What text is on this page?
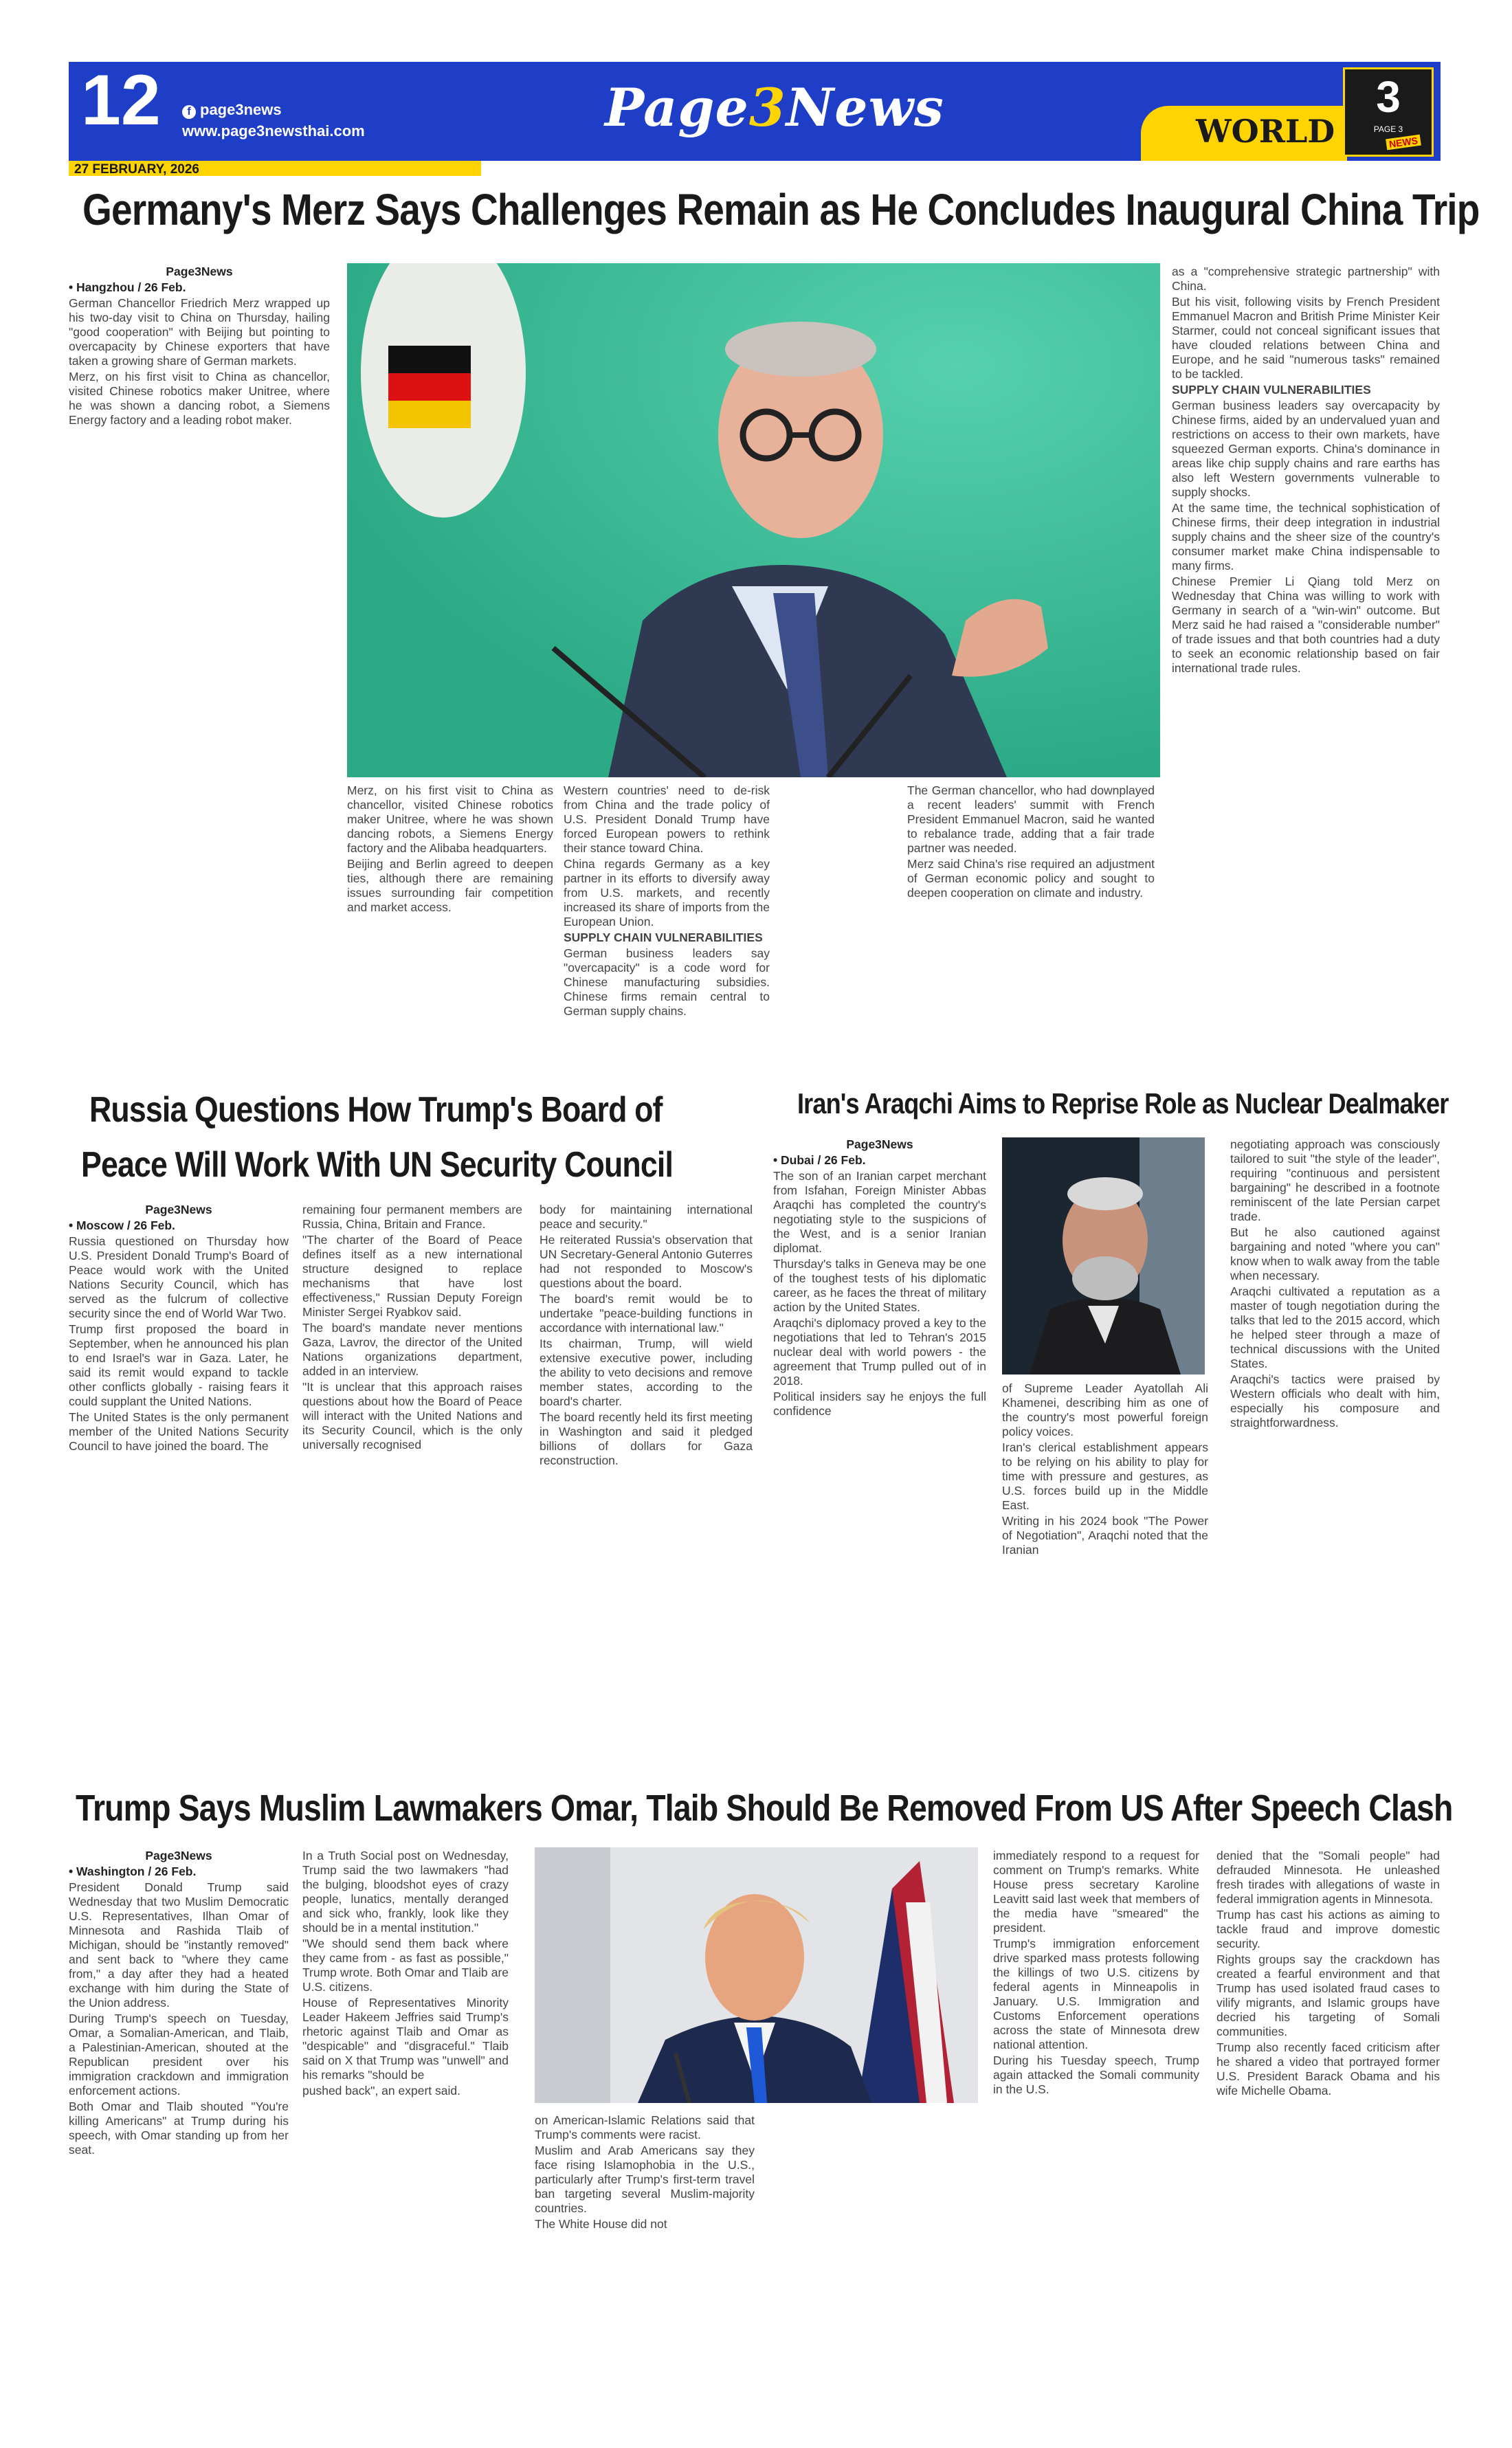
12	f page3news
www.page3newsthai.com	Page3News	WORLD
3
PAGE 3
NEWS
27 FEBRUARY, 2026
Germany's Merz Says Challenges Remain as He Concludes Inaugural China Trip

Page3News

• Hangzhou / 26 Feb.

German Chancellor Friedrich Merz wrapped up his two-day visit to China on Thursday, hailing "good cooperation" with Beijing but pointing to overcapacity by Chinese exporters that have taken a growing share of German markets.

Merz, on his first visit to China as chancellor, visited Chinese robotics maker Unitree, where he was shown a dancing robot, a Siemens Energy factory and a leading robot maker.

Merz, on his first visit to China as chancellor, visited Chinese robotics maker Unitree, where he was shown dancing robots, a Siemens Energy factory and the Alibaba headquarters.

Beijing and Berlin agreed to deepen ties, although there are remaining issues surrounding fair competition and market access.

Western countries' need to de-risk from China and the trade policy of U.S. President Donald Trump have forced European powers to rethink their stance toward China.

China regards Germany as a key partner in its efforts to diversify away from U.S. markets, and recently increased its share of imports from the European Union.

SUPPLY CHAIN VULNERABILITIES

German business leaders say "overcapacity" is a code word for Chinese manufacturing subsidies. Chinese firms remain central to German supply chains.

The German chancellor, who had downplayed a recent leaders' summit with French President Emmanuel Macron, said he wanted to rebalance trade, adding that a fair trade partner was needed.

Merz said China's rise required an adjustment of German economic policy and sought to deepen cooperation on climate and industry.

as a "comprehensive strategic partnership" with China.

But his visit, following visits by French President Emmanuel Macron and British Prime Minister Keir Starmer, could not conceal significant issues that have clouded relations between China and Europe, and he said "numerous tasks" remained to be tackled.

SUPPLY CHAIN VULNERABILITIES

German business leaders say overcapacity by Chinese firms, aided by an undervalued yuan and restrictions on access to their own markets, have squeezed German exports. China's dominance in areas like chip supply chains and rare earths has also left Western governments vulnerable to supply shocks.

At the same time, the technical sophistication of Chinese firms, their deep integration in industrial supply chains and the sheer size of the country's consumer market make China indispensable to many firms.

Chinese Premier Li Qiang told Merz on Wednesday that China was willing to work with Germany in search of a "win-win" outcome. But Merz said he had raised a "considerable number" of trade issues and that both countries had a duty to seek an economic relationship based on fair international trade rules.

Russia Questions How Trump's Board of
Peace Will Work With UN Security Council

Page3News

• Moscow / 26 Feb.

Russia questioned on Thursday how U.S. President Donald Trump's Board of Peace would work with the United Nations Security Council, which has served as the fulcrum of collective security since the end of World War Two.

Trump first proposed the board in September, when he announced his plan to end Israel's war in Gaza. Later, he said its remit would expand to tackle other conflicts globally - raising fears it could supplant the United Nations.

The United States is the only permanent member of the United Nations Security Council to have joined the board. The

remaining four permanent members are Russia, China, Britain and France.

"The charter of the Board of Peace defines itself as a new international structure designed to replace mechanisms that have lost effectiveness," Russian Deputy Foreign Minister Sergei Ryabkov said.

The board's mandate never mentions Gaza, Lavrov, the director of the United Nations organizations department, added in an interview.

"It is unclear that this approach raises questions about how the Board of Peace will interact with the United Nations and its Security Council, which is the only universally recognised

body for maintaining international peace and security."

He reiterated Russia's observation that UN Secretary-General Antonio Guterres had not responded to Moscow's questions about the board.

The board's remit would be to undertake "peace-building functions in accordance with international law."

Its chairman, Trump, will wield extensive executive power, including the ability to veto decisions and remove member states, according to the board's charter.

The board recently held its first meeting in Washington and said it pledged billions of dollars for Gaza reconstruction.

Iran's Araqchi Aims to Reprise Role as Nuclear Dealmaker

Page3News

• Dubai / 26 Feb.

The son of an Iranian carpet merchant from Isfahan, Foreign Minister Abbas Araqchi has completed the country's negotiating style to the suspicions of the West, and is a senior Iranian diplomat.

Thursday's talks in Geneva may be one of the toughest tests of his diplomatic career, as he faces the threat of military action by the United States.

Araqchi's diplomacy proved a key to the negotiations that led to Tehran's 2015 nuclear deal with world powers - the agreement that Trump pulled out of in 2018.

Political insiders say he enjoys the full confidence

of Supreme Leader Ayatollah Ali Khamenei, describing him as one of the country's most powerful foreign policy voices.

Iran's clerical establishment appears to be relying on his ability to play for time with pressure and gestures, as U.S. forces build up in the Middle East.

Writing in his 2024 book "The Power of Negotiation", Araqchi noted that the Iranian

negotiating approach was consciously tailored to suit "the style of the leader", requiring "continuous and persistent bargaining" he described in a footnote reminiscent of the late Persian carpet trade.

But he also cautioned against bargaining and noted "where you can" know when to walk away from the table when necessary.

Araqchi cultivated a reputation as a master of tough negotiation during the talks that led to the 2015 accord, which he helped steer through a maze of technical discussions with the United States.

Araqchi's tactics were praised by Western officials who dealt with him, especially his composure and straightforwardness.

Trump Says Muslim Lawmakers Omar, Tlaib Should Be Removed From US After Speech Clash

Page3News

• Washington / 26 Feb.

President Donald Trump said Wednesday that two Muslim Democratic U.S. Representatives, Ilhan Omar of Minnesota and Rashida Tlaib of Michigan, should be "instantly removed" and sent back to "where they came from," a day after they had a heated exchange with him during the State of the Union address.

During Trump's speech on Tuesday, Omar, a Somalian-American, and Tlaib, a Palestinian-American, shouted at the Republican president over his immigration crackdown and immigration enforcement actions.

Both Omar and Tlaib shouted "You're killing Americans" at Trump during his speech, with Omar standing up from her seat.

In a Truth Social post on Wednesday, Trump said the two lawmakers "had the bulging, bloodshot eyes of crazy people, lunatics, mentally deranged and sick who, frankly, look like they should be in a mental institution."

"We should send them back where they came from - as fast as possible," Trump wrote. Both Omar and Tlaib are U.S. citizens.

House of Representatives Minority Leader Hakeem Jeffries said Trump's rhetoric against Tlaib and Omar as "despicable" and "disgraceful." Tlaib said on X that Trump was "unwell" and his remarks "should be

pushed back", an expert said.

on American-Islamic Relations said that Trump's comments were racist.

Muslim and Arab Americans say they face rising Islamophobia in the U.S., particularly after Trump's first-term travel ban targeting several Muslim-majority countries.

The White House did not

immediately respond to a request for comment on Trump's remarks. White House press secretary Karoline Leavitt said last week that members of the media have "smeared" the president.

Trump's immigration enforcement drive sparked mass protests following the killings of two U.S. citizens by federal agents in Minneapolis in January. U.S. Immigration and Customs Enforcement operations across the state of Minnesota drew national attention.

During his Tuesday speech, Trump again attacked the Somali community in the U.S.

denied that the "Somali people" had defrauded Minnesota. He unleashed fresh tirades with allegations of waste in federal immigration agents in Minnesota.

Trump has cast his actions as aiming to tackle fraud and improve domestic security.

Rights groups say the crackdown has created a fearful environment and that Trump has used isolated fraud cases to vilify migrants, and Islamic groups have decried his targeting of Somali communities.

Trump also recently faced criticism after he shared a video that portrayed former U.S. President Barack Obama and his wife Michelle Obama.
